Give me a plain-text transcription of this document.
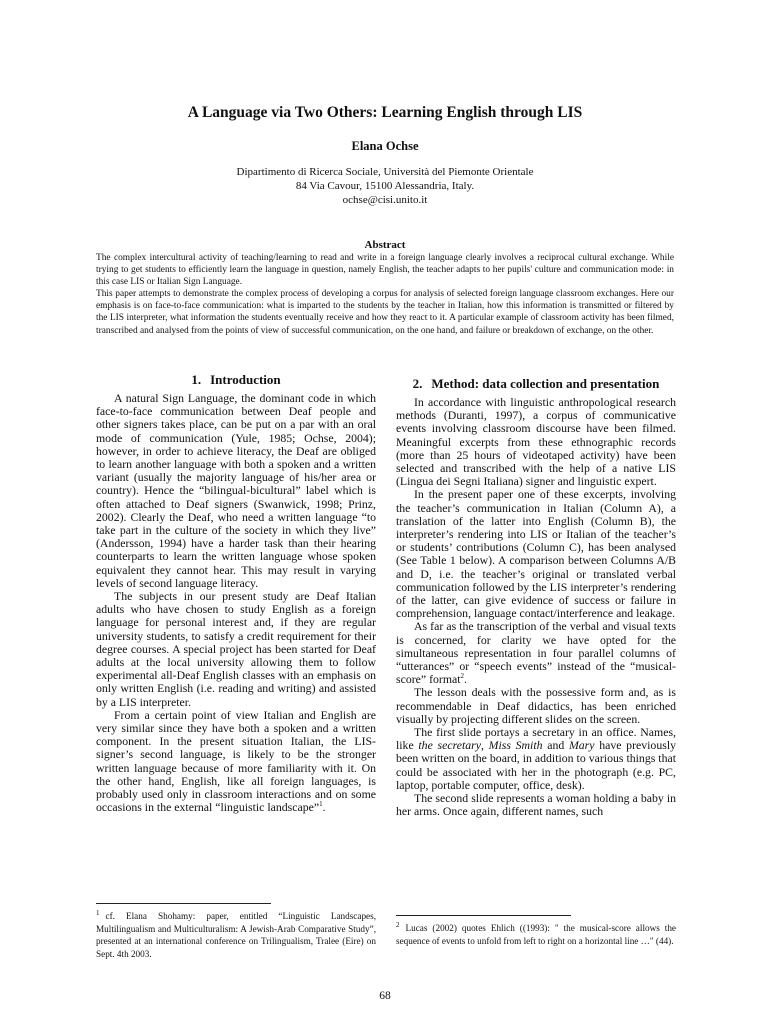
A Language via Two Others: Learning English through LIS
Elana Ochse
Dipartimento di Ricerca Sociale, Università del Piemonte Orientale
84 Via Cavour, 15100 Alessandria, Italy.
ochse@cisi.unito.it
Abstract

The complex intercultural activity of teaching/learning to read and write in a foreign language clearly involves a reciprocal cultural exchange. While trying to get students to efficiently learn the language in question, namely English, the teacher adapts to her pupils' culture and communication mode: in this case LIS or Italian Sign Language.

This paper attempts to demonstrate the complex process of developing a corpus for analysis of selected foreign language classroom exchanges. Here our emphasis is on face-to-face communication: what is imparted to the students by the teacher in Italian, how this information is transmitted or filtered by the LIS interpreter, what information the students eventually receive and how they react to it. A particular example of classroom activity has been filmed, transcribed and analysed from the points of view of successful communication, on the one hand, and failure or breakdown of exchange, on the other.

1. Introduction

A natural Sign Language, the dominant code in which face-to-face communication between Deaf people and other signers takes place, can be put on a par with an oral mode of communication (Yule, 1985; Ochse, 2004); however, in order to achieve literacy, the Deaf are obliged to learn another language with both a spoken and a written variant (usually the majority language of his/her area or country). Hence the “bilingual-bicultural” label which is often attached to Deaf signers (Swanwick, 1998; Prinz, 2002). Clearly the Deaf, who need a written language “to take part in the culture of the society in which they live” (Andersson, 1994) have a harder task than their hearing counterparts to learn the written language whose spoken equivalent they cannot hear. This may result in varying levels of second language literacy.

The subjects in our present study are Deaf Italian adults who have chosen to study English as a foreign language for personal interest and, if they are regular university students, to satisfy a credit requirement for their degree courses. A special project has been started for Deaf adults at the local university allowing them to follow experimental all-Deaf English classes with an emphasis on only written English (i.e. reading and writing) and assisted by a LIS interpreter.

From a certain point of view Italian and English are very similar since they have both a spoken and a written component. In the present situation Italian, the LIS-signer’s second language, is likely to be the stronger written language because of more familiarity with it. On the other hand, English, like all foreign languages, is probably used only in classroom interactions and on some occasions in the external “linguistic landscape”$^1$.

$^1$ cf. Elana Shohamy: paper, entitled “Linguistic Landscapes, Multilingualism and Multiculturalism: A Jewish-Arab Comparative Study”, presented at an international conference on Trilingualism, Tralee (Eire) on Sept. 4th 2003.

2. Method: data collection and presentation

In accordance with linguistic anthropological research methods (Duranti, 1997), a corpus of communicative events involving classroom discourse have been filmed. Meaningful excerpts from these ethnographic records (more than 25 hours of videotaped activity) have been selected and transcribed with the help of a native LIS (Lingua dei Segni Italiana) signer and linguistic expert.

In the present paper one of these excerpts, involving the teacher’s communication in Italian (Column A), a translation of the latter into English (Column B), the interpreter’s rendering into LIS or Italian of the teacher’s or students’ contributions (Column C), has been analysed (See Table 1 below). A comparison between Columns A/B and D, i.e. the teacher’s original or translated verbal communication followed by the LIS interpreter’s rendering of the latter, can give evidence of success or failure in comprehension, language contact/interference and leakage.

As far as the transcription of the verbal and visual texts is concerned, for clarity we have opted for the simultaneous representation in four parallel columns of “utterances” or “speech events” instead of the “musical-score” format$^2$.

The lesson deals with the possessive form and, as is recommendable in Deaf didactics, has been enriched visually by projecting different slides on the screen.

The first slide portays a secretary in an office. Names, like the secretary, Miss Smith and Mary have previously been written on the board, in addition to various things that could be associated with her in the photograph (e.g. PC, laptop, portable computer, office, desk).

The second slide represents a woman holding a baby in her arms. Once again, different names, such

$^2$ Lucas (2002) quotes Ehlich ((1993): " the musical-score allows the sequence of events to unfold from left to right on a horizontal line …" (44).

68
